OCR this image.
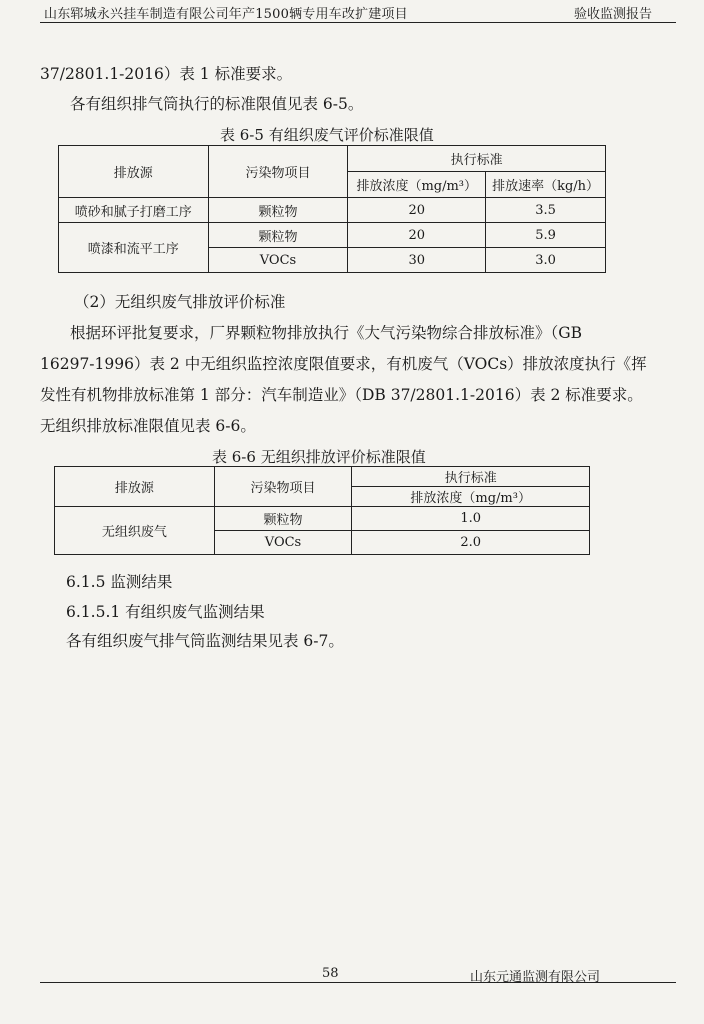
山东郓城永兴挂车制造有限公司年产1500辆专用车改扩建项目	验收监测报告
37/2801.1-2016）表 1 标准要求。
各有组织排气筒执行的标准限值见表 6-5。
表 6-5 有组织废气评价标准限值
排放源	污染物项目	执行标准	
		排放浓度（mg/m³）	排放速率（kg/h）
喷砂和腻子打磨工序	颗粒物	20	3.5
喷漆和流平工序	颗粒物	20	5.9
	VOCs	30	3.0
（2）无组织废气排放评价标准
根据环评批复要求，厂界颗粒物排放执行《大气污染物综合排放标准》（GB
16297-1996）表 2 中无组织监控浓度限值要求，有机废气（VOCs）排放浓度执行《挥
发性有机物排放标准第 1 部分：汽车制造业》（DB 37/2801.1-2016）表 2 标准要求。
无组织排放标准限值见表 6-6。
表 6-6 无组织排放评价标准限值
排放源	污染物项目	执行标准
		排放浓度（mg/m³）
无组织废气	颗粒物	1.0
	VOCs	2.0
6.1.5 监测结果
6.1.5.1 有组织废气监测结果
各有组织废气排气筒监测结果见表 6-7。
58	山东元通监测有限公司
